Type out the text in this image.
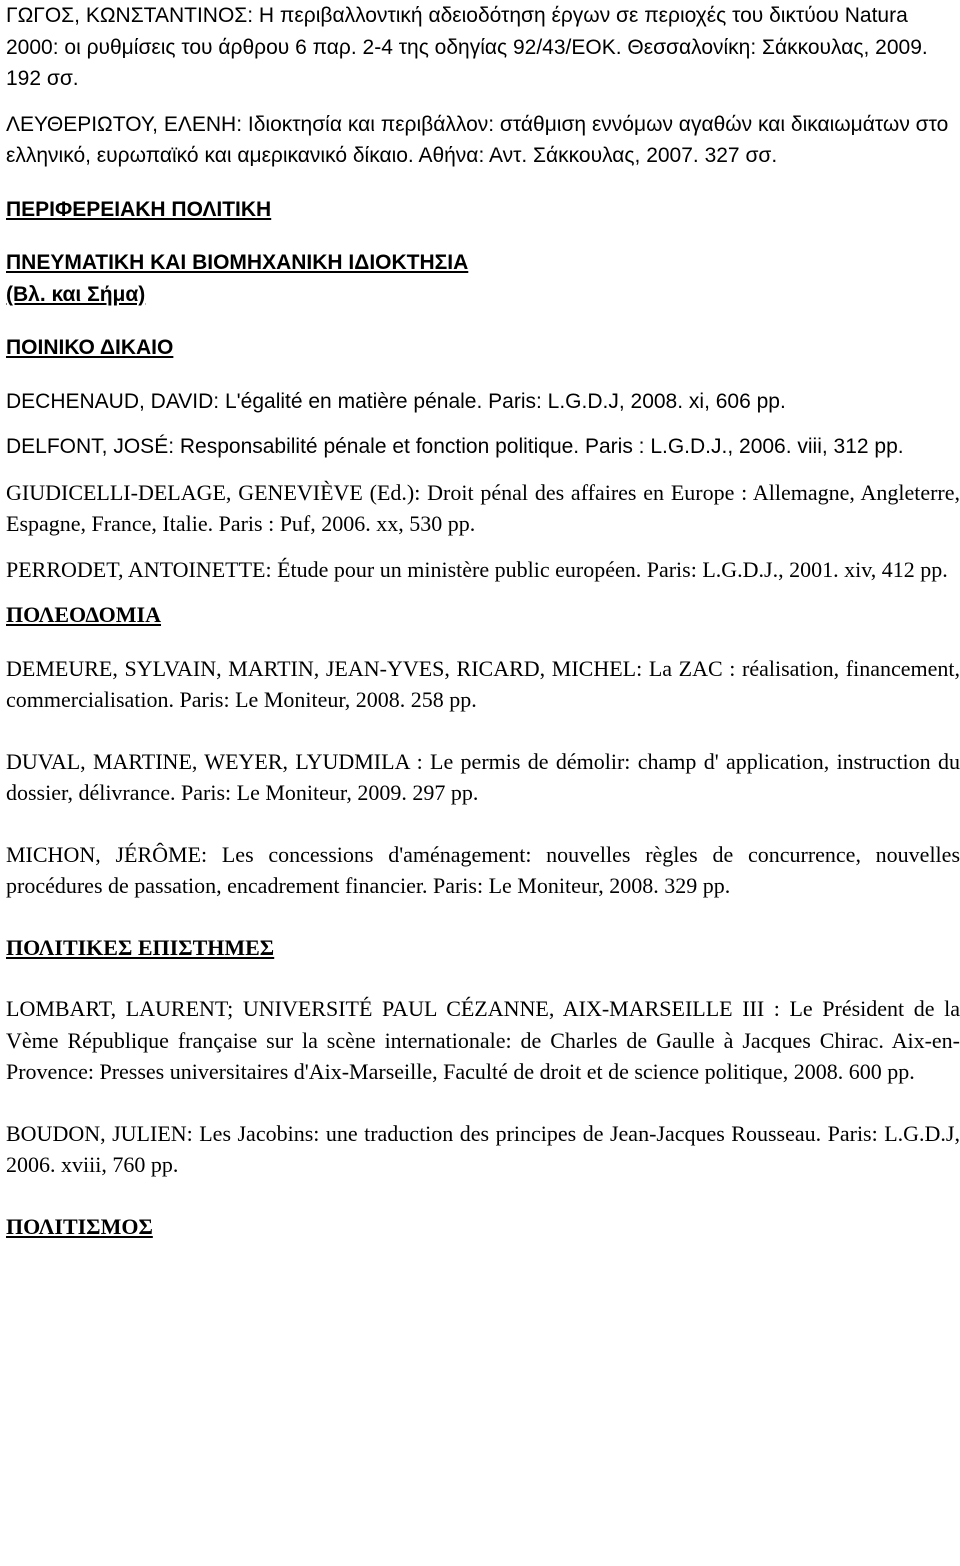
ΓΩΓΟΣ, ΚΩΝΣΤΑΝΤΙΝΟΣ: Η περιβαλλοντική αδειοδότηση έργων σε περιοχές του δικτύου Natura 2000: οι ρυθμίσεις του άρθρου 6 παρ. 2-4 της οδηγίας 92/43/ΕΟΚ. Θεσσαλονίκη: Σάκκουλας, 2009. 192 σσ.
ΛΕΥΘΕΡΙΩΤΟΥ, ΕΛΕΝΗ: Ιδιοκτησία και περιβάλλον: στάθμιση εννόμων αγαθών και δικαιωμάτων στο ελληνικό, ευρωπαϊκό και αμερικανικό δίκαιο. Αθήνα: Αντ. Σάκκουλας, 2007. 327 σσ.
ΠΕΡΙΦΕΡΕΙΑΚΗ ΠΟΛΙΤΙΚΗ
ΠΝΕΥΜΑΤΙΚΗ ΚΑΙ ΒΙΟΜΗΧΑΝΙΚΗ ΙΔΙΟΚΤΗΣΙΑ
(Βλ. και Σήμα)
ΠΟΙΝΙΚΟ ΔΙΚΑΙΟ
DECHENAUD, DAVID: L'égalité en matière pénale. Paris: L.G.D.J, 2008. xi, 606 pp.
DELFONT, JOSÉ: Responsabilité pénale et fonction politique. Paris : L.G.D.J., 2006. viii, 312 pp.
GIUDICELLI-DELAGE, GENEVIÈVE (Ed.): Droit pénal des affaires en Europe : Allemagne, Angleterre, Espagne, France, Italie. Paris : Puf, 2006. xx, 530 pp.
PERRODET, ANTOINETTE: Étude pour un ministère public européen. Paris: L.G.D.J., 2001. xiv, 412 pp.
ΠΟΛΕΟΔΟΜΙΑ
DEMEURE, SYLVAIN, MARTIN, JEAN-YVES, RICARD, MICHEL: La ZAC : réalisation, financement, commercialisation. Paris: Le Moniteur, 2008. 258 pp.
DUVAL, MARTINE, WEYER, LYUDMILA : Le permis de démolir: champ d' application, instruction du dossier, délivrance. Paris: Le Moniteur, 2009. 297 pp.
MICHON, JÉRÔME: Les concessions d'aménagement: nouvelles règles de concurrence, nouvelles procédures de passation, encadrement financier. Paris: Le Moniteur, 2008. 329 pp.
ΠΟΛΙΤΙΚΕΣ ΕΠΙΣΤΗΜΕΣ
LOMBART, LAURENT; UNIVERSITÉ PAUL CÉZANNE, AIX-MARSEILLE III : Le Président de la Vème République française sur la scène internationale: de Charles de Gaulle à Jacques Chirac. Aix-en-Provence: Presses universitaires d'Aix-Marseille, Faculté de droit et de science politique, 2008. 600 pp.
BOUDON, JULIEN: Les Jacobins: une traduction des principes de Jean-Jacques Rousseau. Paris: L.G.D.J, 2006. xviii, 760 pp.
ΠΟΛΙΤΙΣΜΟΣ
